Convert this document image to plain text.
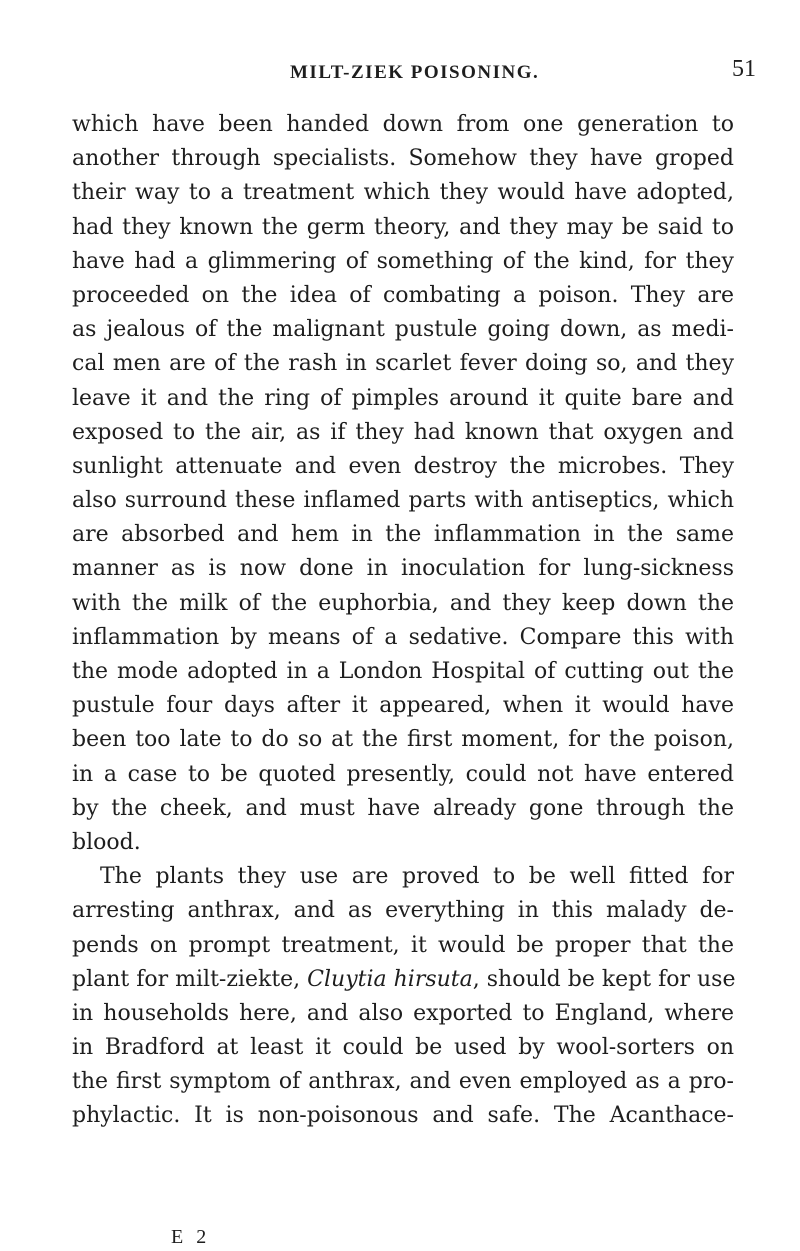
MILT-ZIEK POISONING.	51
which have been handed down from one generation to
another through specialists. Somehow they have groped
their way to a treatment which they would have adopted,
had they known the germ theory, and they may be said to
have had a glimmering of something of the kind, for they
proceeded on the idea of combating a poison. They are
as jealous of the malignant pustule going down, as medi-
cal men are of the rash in scarlet fever doing so, and they
leave it and the ring of pimples around it quite bare and
exposed to the air, as if they had known that oxygen and
sunlight attenuate and even destroy the microbes. They
also surround these inflamed parts with antiseptics, which
are absorbed and hem in the inflammation in the same
manner as is now done in inoculation for lung-sickness
with the milk of the euphorbia, and they keep down the
inflammation by means of a sedative. Compare this with
the mode adopted in a London Hospital of cutting out the
pustule four days after it appeared, when it would have
been too late to do so at the first moment, for the poison,
in a case to be quoted presently, could not have entered
by the cheek, and must have already gone through the
blood.
The plants they use are proved to be well fitted for
arresting anthrax, and as everything in this malady de-
pends on prompt treatment, it would be proper that the
plant for milt-ziekte, Cluytia hirsuta, should be kept for use
in households here, and also exported to England, where
in Bradford at least it could be used by wool-sorters on
the first symptom of anthrax, and even employed as a pro-
phylactic. It is non-poisonous and safe. The Acanthace-
E 2
